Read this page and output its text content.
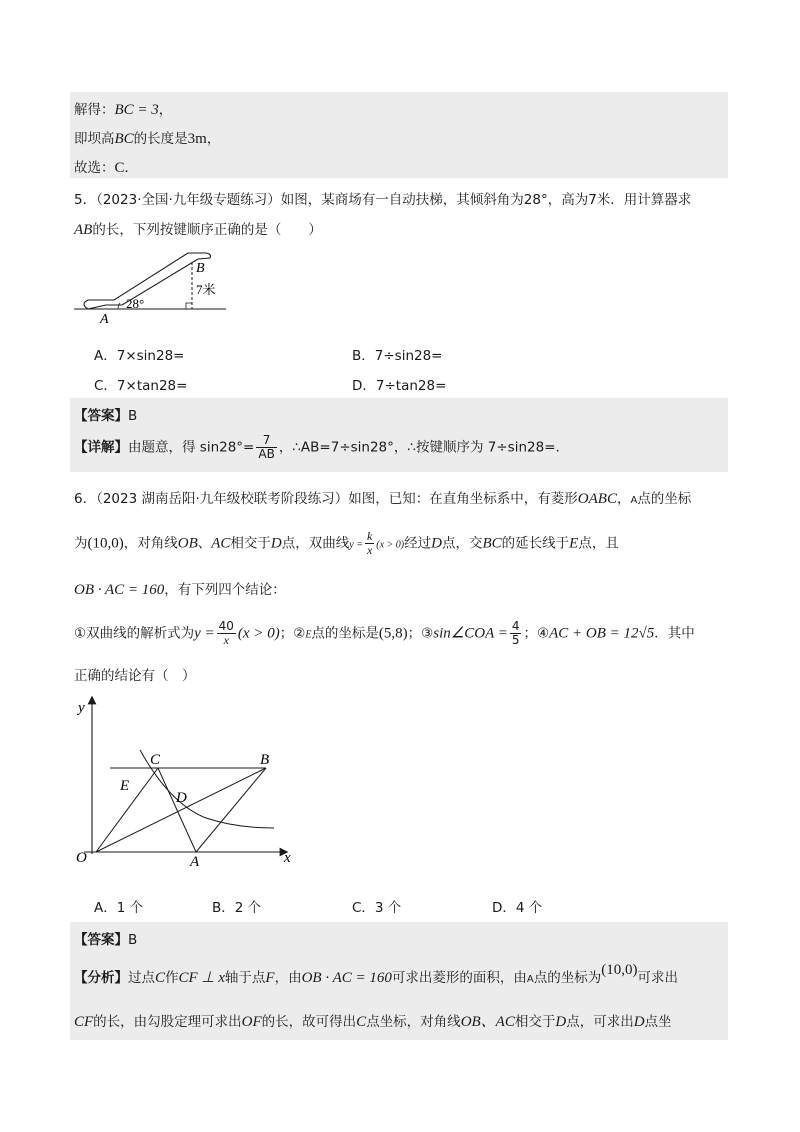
解得：BC = 3，
即坝高BC的长度是3m，
故选：C．
5．（2023·全国·九年级专题练习）如图，某商场有一自动扶梯，其倾斜角为28°，高为7米．用计算器求
AB的长，下列按键顺序正确的是（　　）
28°
B
7米
A
A．7×sin28=	B．7÷sin28=
C．7×tan28=	D．7÷tan28=
【答案】B
【详解】由题意，得 $\sin 28^\circ= \frac{7}{AB}$ ，∴AB=7÷sin28°，∴按键顺序为 7÷sin28=.
6．（2023 湖南岳阳·九年级校联考阶段练习）如图，已知：在直角坐标系中，有菱形OABC，A点的坐标
为(10,0)，对角线OB、AC相交于D点，双曲线$y = \frac{k}{x} (x > 0)$经过D点，交BC的延长线于E点，且
OB · AC = 160，有下列四个结论：
①双曲线的解析式为$y = \frac{40}{x} (x > 0)$；②E点的坐标是(5,8)；③sin∠COA = $\frac{4}{5}$ ；④AC + OB = 12√5．其中
正确的结论有（　）
y
x
O	A
B
C
D
E
A．1 个	B．2 个	C．3 个	D．4 个
【答案】B
【分析】过点C作CF ⊥ x轴于点F，由OB · AC = 160可求出菱形的面积，由A点的坐标为(10,0)可求出
CF的长，由勾股定理可求出OF的长，故可得出C点坐标，对角线OB、AC相交于D点，可求出D点坐
